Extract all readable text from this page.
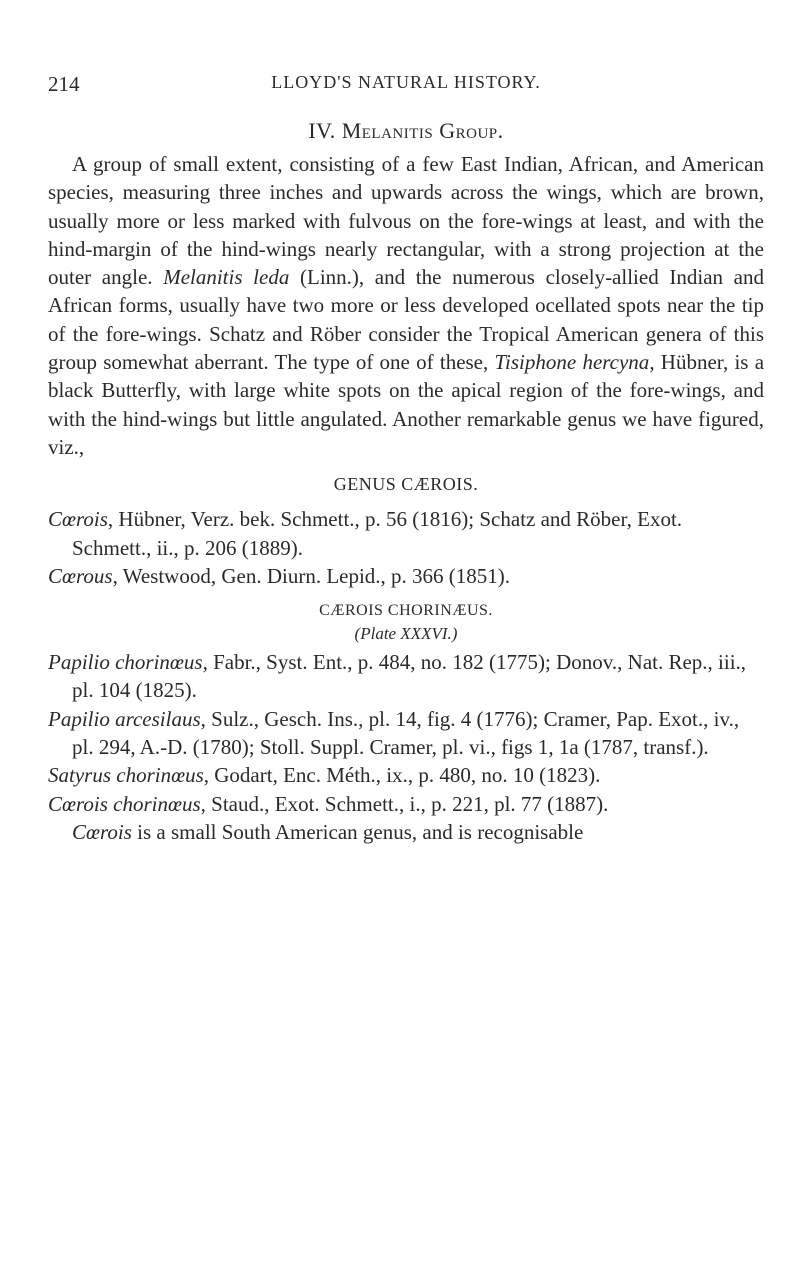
214	LLOYD'S NATURAL HISTORY.
IV. Melanitis Group.

A group of small extent, consisting of a few East Indian, African, and American species, measuring three inches and upwards across the wings, which are brown, usually more or less marked with fulvous on the fore-wings at least, and with the hind-margin of the hind-wings nearly rectangular, with a strong projection at the outer angle. Melanitis leda (Linn.), and the numerous closely-allied Indian and African forms, usually have two more or less developed ocellated spots near the tip of the fore-wings. Schatz and Röber consider the Tropical American genera of this group somewhat aberrant. The type of one of these, Tisiphone hercyna, Hübner, is a black Butterfly, with large white spots on the apical region of the fore-wings, and with the hind-wings but little angulated. Another remarkable genus we have figured, viz.,

GENUS CÆROIS.

Cœrois, Hübner, Verz. bek. Schmett., p. 56 (1816); Schatz and Röber, Exot. Schmett., ii., p. 206 (1889).

Cœrous, Westwood, Gen. Diurn. Lepid., p. 366 (1851).

CÆROIS CHORINÆUS.
(Plate XXXVI.)

Papilio chorinœus, Fabr., Syst. Ent., p. 484, no. 182 (1775); Donov., Nat. Rep., iii., pl. 104 (1825).

Papilio arcesilaus, Sulz., Gesch. Ins., pl. 14, fig. 4 (1776); Cramer, Pap. Exot., iv., pl. 294, A.-D. (1780); Stoll. Suppl. Cramer, pl. vi., figs 1, 1a (1787, transf.).

Satyrus chorinœus, Godart, Enc. Méth., ix., p. 480, no. 10 (1823).

Cœrois chorinœus, Staud., Exot. Schmett., i., p. 221, pl. 77 (1887).

Cœrois is a small South American genus, and is recognisable
